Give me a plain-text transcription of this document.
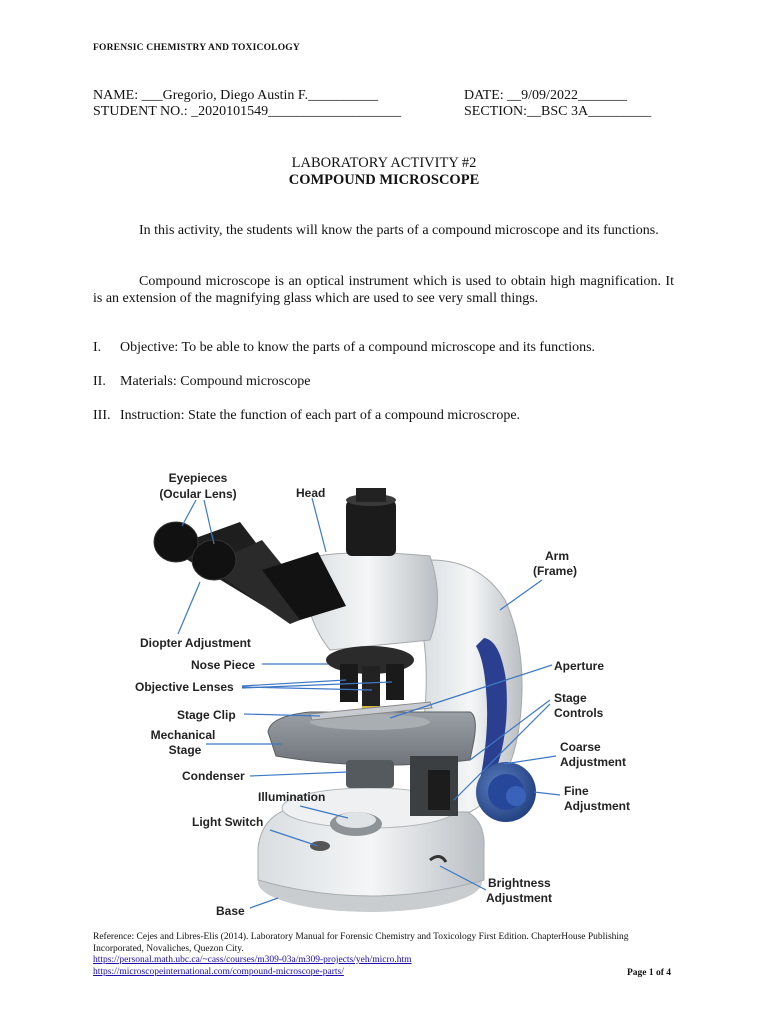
FORENSIC CHEMISTRY AND TOXICOLOGY
NAME: ___Gregorio, Diego Austin F.__________	DATE: __9/09/2022_______
STUDENT NO.: _2020101549___________________	SECTION:__BSC 3A_________
LABORATORY ACTIVITY #2
COMPOUND MICROSCOPE

In this activity, the students will know the parts of a compound microscope and its functions.

Compound microscope is an optical instrument which is used to obtain high magnification. It is an extension of the magnifying glass which are used to see very small things.

I. Objective: To be able to know the parts of a compound microscope and its functions.
II. Materials: Compound microscope
III. Instruction: State the function of each part of a compound microscrope.
Eyepieces
(Ocular Lens)	Head
Arm
(Frame)
Diopter Adjustment
Nose Piece
Objective Lenses
Aperture
Stage
Controls
Stage Clip
Mechanical
Stage	Coarse
Adjustment
Condenser
Fine
Adjustment
Illumination
Light Switch
Brightness
Adjustment
Base
Reference: Cejes and Libres-Elis (2014). Laboratory Manual for Forensic Chemistry and Toxicology First Edition. ChapterHouse Publishing Incorporated, Novaliches, Quezon City.
https://personal.math.ubc.ca/~cass/courses/m309-03a/m309-projects/yeh/micro.htm
https://microscopeinternational.com/compound-microscope-parts/	Page 1 of 4
